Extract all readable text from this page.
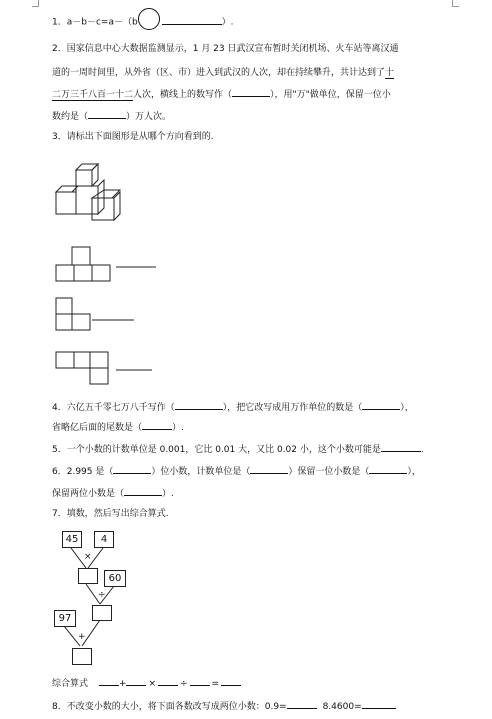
1．a－b－c=a－（b	）.
2．国家信息中心大数据监测显示，1 月 23 日武汉宣布暂时关闭机场、火车站等离汉通
道的一周时间里，从外省（区、市）进入到武汉的人次，却在持续攀升，共计达到了十
二万三千八百一十二人次，横线上的数写作（	），用"万"做单位，保留一位小
数约是（	）万人次。
3．请标出下面图形是从哪个方向看到的.
4．六亿五千零七万八千写作（	），把它改写成用万作单位的数是（	），
省略亿后面的尾数是（	）.
5．一个小数的计数单位是 0.001，它比 0.01 大，又比 0.02 小，这个小数可能是	.
6．2.995 是（	）位小数，计数单位是（	）保留一位小数是（	），
保留两位小数是（	）.
7．填数，然后写出综合算式.
45	4
×
60
÷
97
+
综合算式	+ ×	÷	=
8．不改变小数的大小，将下面各数改写成两位小数：0.9=	8.4600=
